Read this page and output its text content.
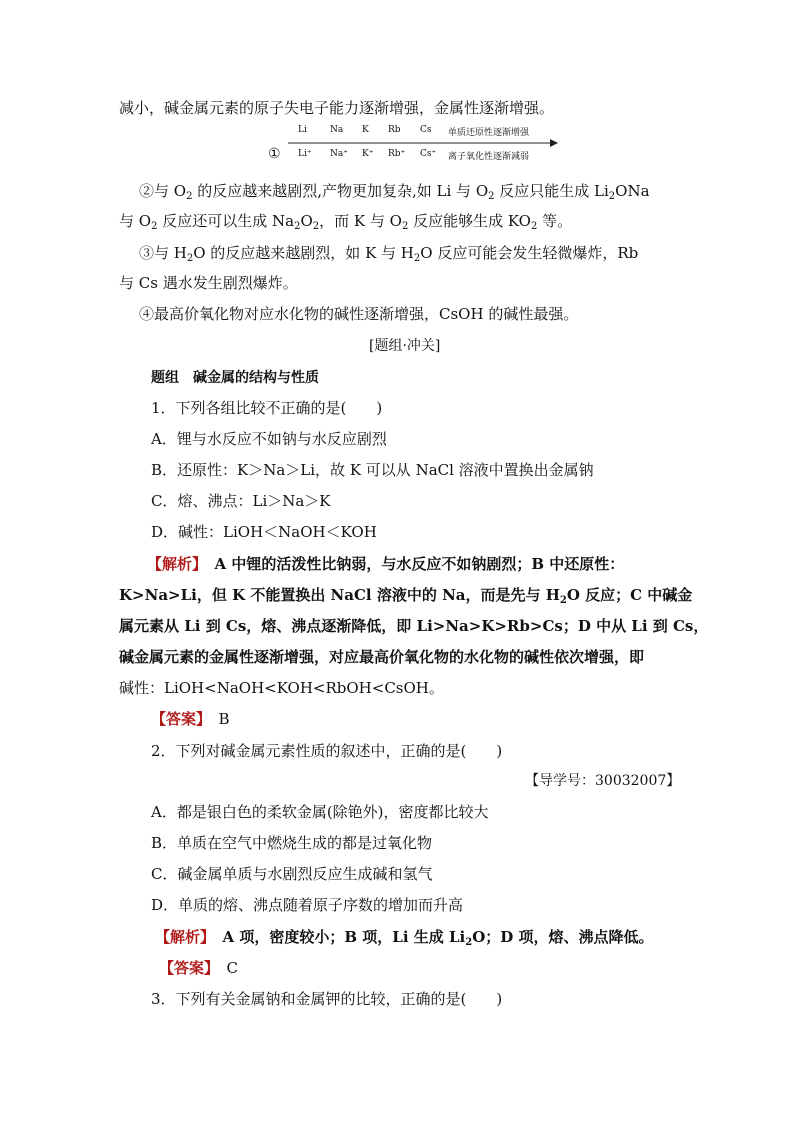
减小，碱金属元素的原子失电子能力逐渐增强，金属性逐渐增强。
①
Li	Na K Rb Cs 单质还原性逐渐增强
Li⁺ Na⁺ K⁺ Rb⁺ Cs⁺ 离子氧化性逐渐减弱
②与 $O_2$ 的反应越来越剧烈,产物更加复杂,如 Li 与 $O_2$ 反应只能生成 $Li_2ONa$
与 $O_2$ 反应还可以生成 $Na_2O_2$，而 K 与 $O_2$ 反应能够生成 $KO_2$ 等。
③与 $H_2O$ 的反应越来越剧烈，如 K 与 $H_2O$ 反应可能会发生轻微爆炸，Rb
与 Cs 遇水发生剧烈爆炸。
④最高价氧化物对应水化物的碱性逐渐增强，CsOH 的碱性最强。
[题组·冲关]
题组　碱金属的结构与性质
1．下列各组比较不正确的是(　　)
A．锂与水反应不如钠与水反应剧烈
B．还原性：K＞Na＞Li，故 K 可以从 NaCl 溶液中置换出金属钠
C．熔、沸点：Li＞Na＞K
D．碱性：LiOH＜NaOH＜KOH
【解析】　A 中锂的活泼性比钠弱，与水反应不如钠剧烈；B 中还原性：
K>Na>Li，但 K 不能置换出 NaCl 溶液中的 Na，而是先与 $H_2O$ 反应；C 中碱金
属元素从 Li 到 Cs，熔、沸点逐渐降低，即 Li>Na>K>Rb>Cs；D 中从 Li 到 Cs，
碱金属元素的金属性逐渐增强，对应最高价氧化物的水化物的碱性依次增强，即
碱性：LiOH<NaOH<KOH<RbOH<CsOH。
【答案】　B
2．下列对碱金属元素性质的叙述中，正确的是(　　)
【导学号：30032007】
A．都是银白色的柔软金属(除铯外)，密度都比较大
B．单质在空气中燃烧生成的都是过氧化物
C．碱金属单质与水剧烈反应生成碱和氢气
D．单质的熔、沸点随着原子序数的增加而升高
【解析】　A 项，密度较小；B 项，Li 生成 $Li_2O$；D 项，熔、沸点降低。
【答案】　C
3．下列有关金属钠和金属钾的比较，正确的是(　　)
